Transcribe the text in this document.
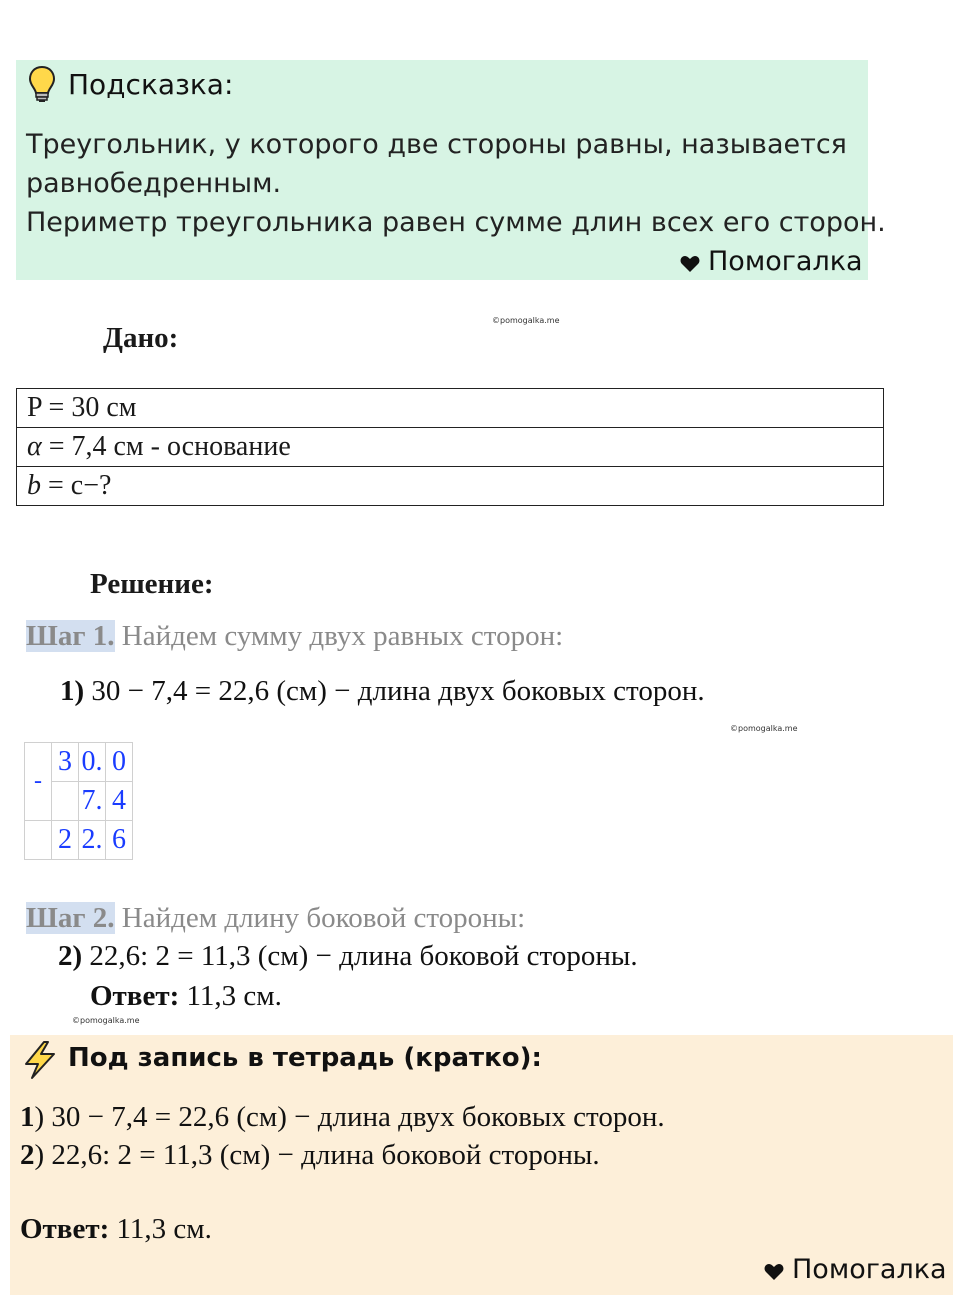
Подсказка:
Треугольник, у которого две стороны равны, называется
равнобедренным.
Периметр треугольника равен сумме длин всех его сторон.
Помогалка
©pomogalka.me
Дано:
P = 30 см
α = 7,4 см - основание
b = c−?
Решение:
Шаг 1. Найдем сумму двух равных сторон:
1) 30 − 7,4 = 22,6 (см) − длина двух боковых сторон.
©pomogalka.me
-	3	0.	0
		7.	4
	2	2.	6
Шаг 2. Найдем длину боковой стороны:
2) 22,6: 2 = 11,3 (см) − длина боковой стороны.
Ответ: 11,3 см.
©pomogalka.me
Под запись в тетрадь (кратко):
1) 30 − 7,4 = 22,6 (см) − длина двух боковых сторон.
2) 22,6: 2 = 11,3 (см) − длина боковой стороны.
Ответ: 11,3 см.
Помогалка
